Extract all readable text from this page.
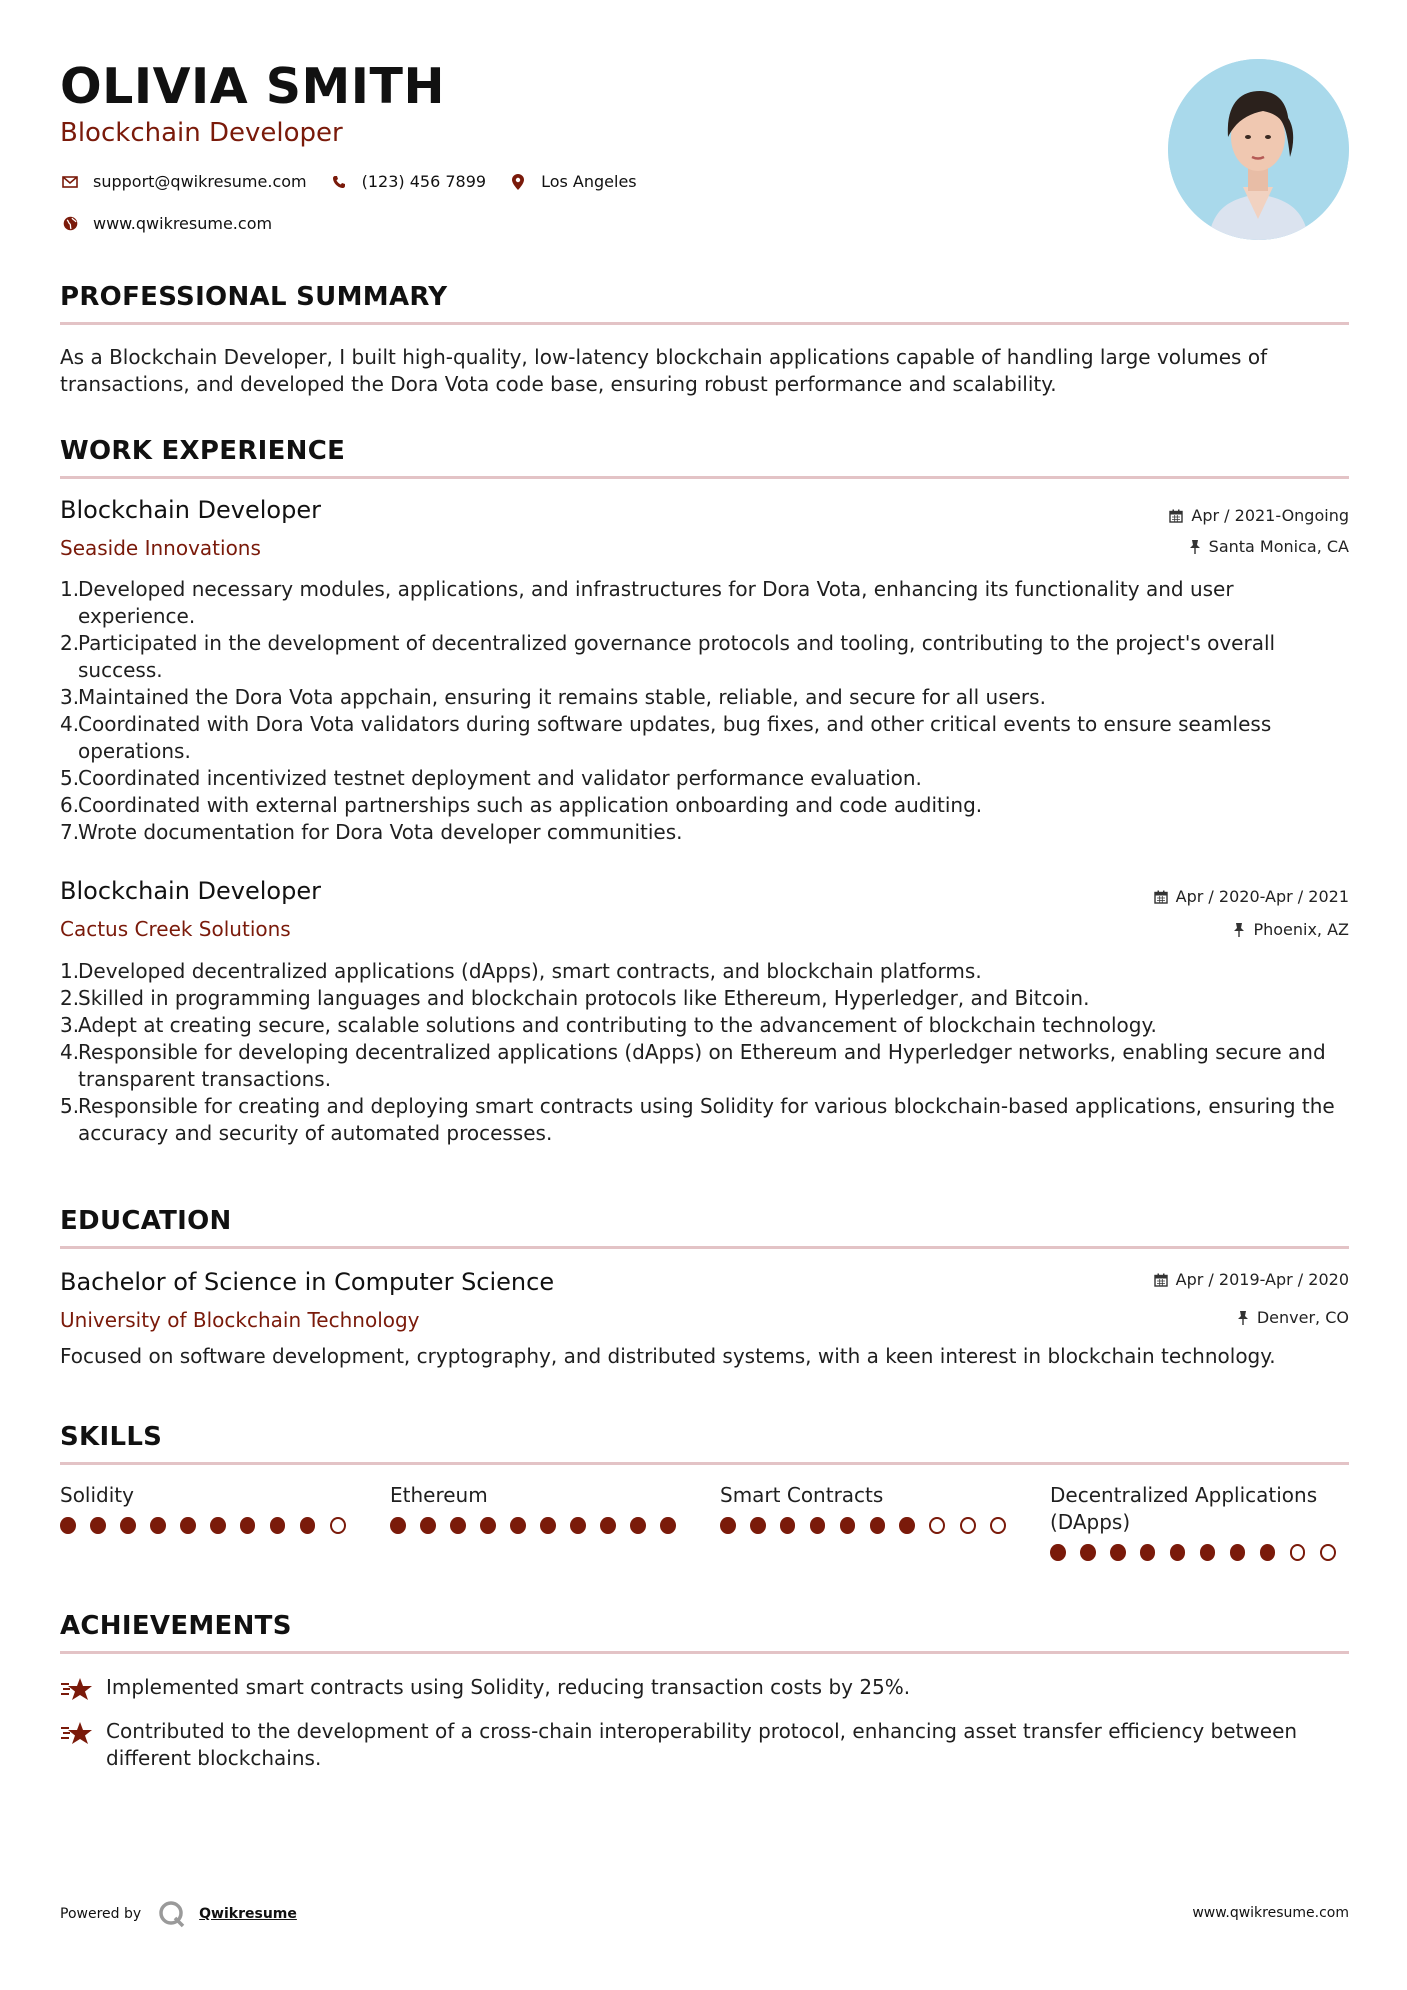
OLIVIA SMITH
Blockchain Developer
support@qwikresume.com	(123) 456 7899	Los Angeles
www.qwikresume.com
PROFESSIONAL SUMMARY
As a Blockchain Developer, I built high-quality, low-latency blockchain applications capable of handling large volumes of transactions, and developed the Dora Vota code base, ensuring robust performance and scalability.
WORK EXPERIENCE
Blockchain Developer
Seaside Innovations
Apr / 2021-Ongoing
Santa Monica, CA
Developed necessary modules, applications, and infrastructures for Dora Vota, enhancing its functionality and user experience.
Participated in the development of decentralized governance protocols and tooling, contributing to the project's overall success.
Maintained the Dora Vota appchain, ensuring it remains stable, reliable, and secure for all users.
Coordinated with Dora Vota validators during software updates, bug fixes, and other critical events to ensure seamless operations.
Coordinated incentivized testnet deployment and validator performance evaluation.
Coordinated with external partnerships such as application onboarding and code auditing.
Wrote documentation for Dora Vota developer communities.
Blockchain Developer
Cactus Creek Solutions
Apr / 2020-Apr / 2021
Phoenix, AZ
Developed decentralized applications (dApps), smart contracts, and blockchain platforms.
Skilled in programming languages and blockchain protocols like Ethereum, Hyperledger, and Bitcoin.
Adept at creating secure, scalable solutions and contributing to the advancement of blockchain technology.
Responsible for developing decentralized applications (dApps) on Ethereum and Hyperledger networks, enabling secure and transparent transactions.
Responsible for creating and deploying smart contracts using Solidity for various blockchain-based applications, ensuring the accuracy and security of automated processes.
EDUCATION
Bachelor of Science in Computer Science
University of Blockchain Technology
Apr / 2019-Apr / 2020
Denver, CO
Focused on software development, cryptography, and distributed systems, with a keen interest in blockchain technology.
SKILLS
Solidity	Ethereum	Smart Contracts	Decentralized Applications (DApps)
ACHIEVEMENTS
Implemented smart contracts using Solidity, reducing transaction costs by 25%.
Contributed to the development of a cross-chain interoperability protocol, enhancing asset transfer efficiency between different blockchains.
Powered by	Qwikresume	www.qwikresume.com
